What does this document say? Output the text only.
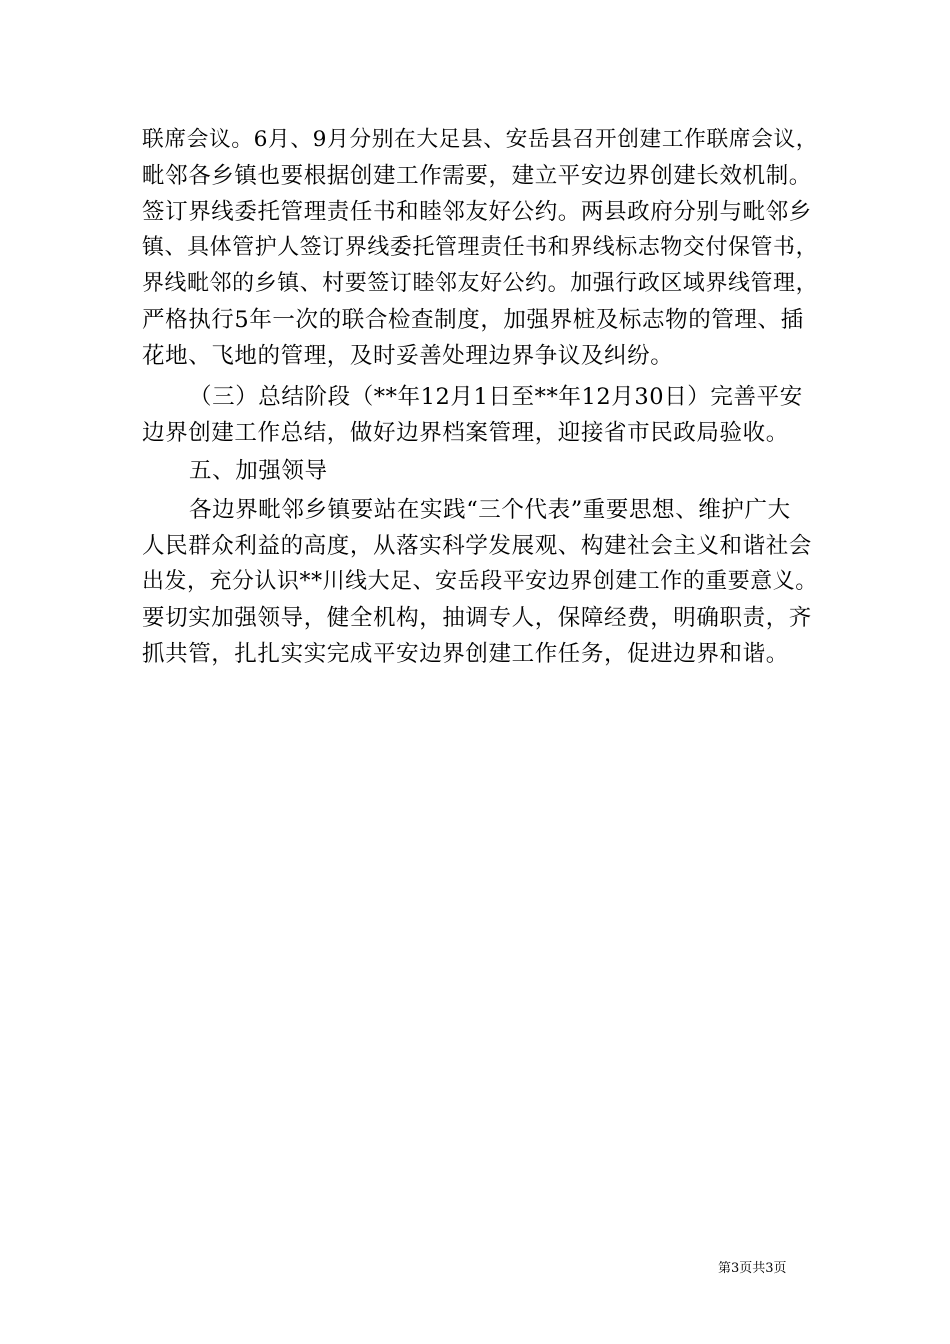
联席会议。6月、9月分别在大足县、安岳县召开创建工作联席会议，
毗邻各乡镇也要根据创建工作需要，建立平安边界创建长效机制。
签订界线委托管理责任书和睦邻友好公约。两县政府分别与毗邻乡
镇、具体管护人签订界线委托管理责任书和界线标志物交付保管书，
界线毗邻的乡镇、村要签订睦邻友好公约。加强行政区域界线管理，
严格执行5年一次的联合检查制度，加强界桩及标志物的管理、插
花地、飞地的管理，及时妥善处理边界争议及纠纷。
（三）总结阶段（**年12月1日至**年12月30日）完善平安
边界创建工作总结，做好边界档案管理，迎接省市民政局验收。
五、加强领导
各边界毗邻乡镇要站在实践“三个代表”重要思想、维护广大
人民群众利益的高度，从落实科学发展观、构建社会主义和谐社会
出发，充分认识**川线大足、安岳段平安边界创建工作的重要意义。
要切实加强领导，健全机构，抽调专人，保障经费，明确职责，齐
抓共管，扎扎实实完成平安边界创建工作任务，促进边界和谐。
第3页共3页
